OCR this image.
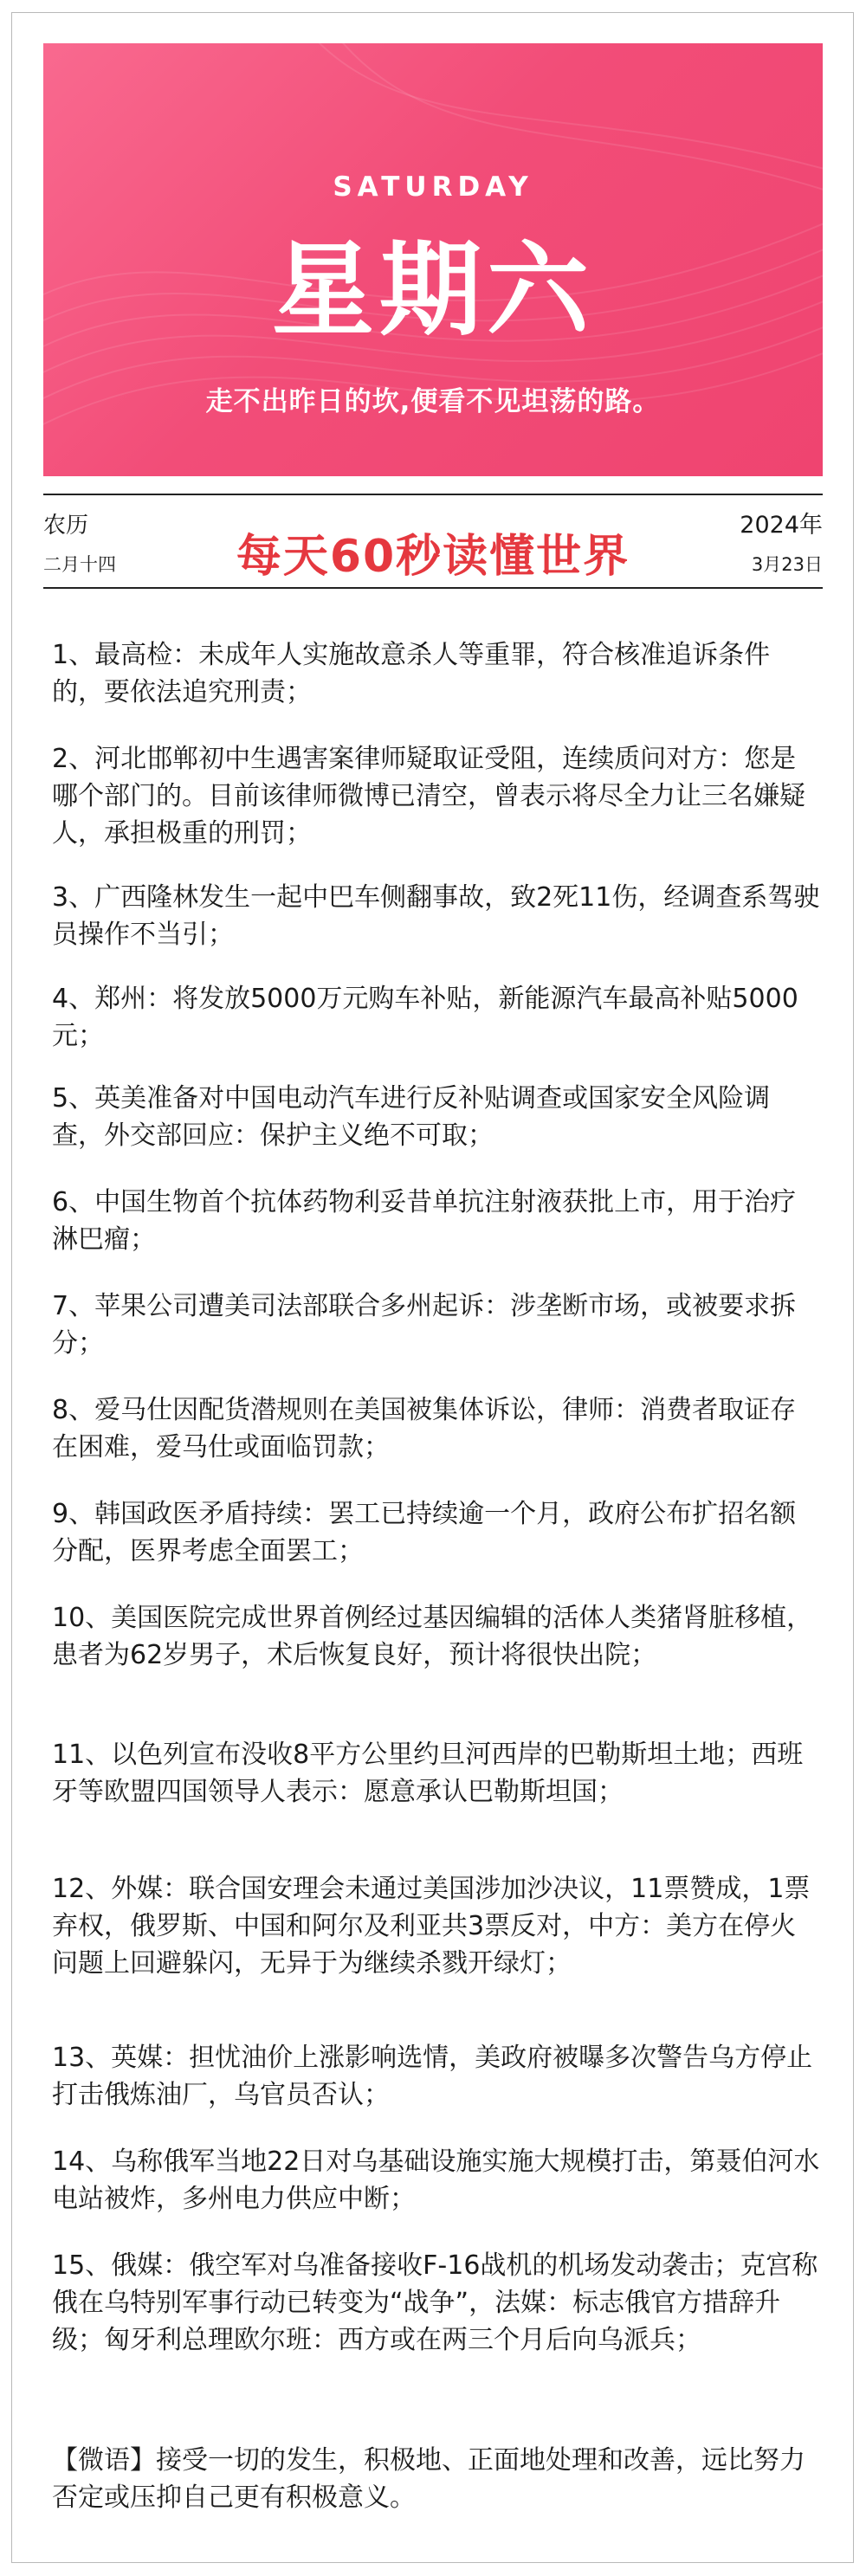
SATURDAY
星期六
走不出昨日的坎,便看不见坦荡的路。
农历
二月十四	每天60秒读懂世界
2024年
3月23日

1、最高检：未成年人实施故意杀人等重罪，符合核准追诉条件的，要依法追究刑责；

2、河北邯郸初中生遇害案律师疑取证受阻，连续质问对方：您是哪个部门的。目前该律师微博已清空，曾表示将尽全力让三名嫌疑人，承担极重的刑罚；

3、广西隆林发生一起中巴车侧翻事故，致2死11伤，经调查系驾驶员操作不当引；

4、郑州：将发放5000万元购车补贴，新能源汽车最高补贴5000元；

5、英美准备对中国电动汽车进行反补贴调查或国家安全风险调查，外交部回应：保护主义绝不可取；

6、中国生物首个抗体药物利妥昔单抗注射液获批上市，用于治疗淋巴瘤；

7、苹果公司遭美司法部联合多州起诉：涉垄断市场，或被要求拆分；

8、爱马仕因配货潜规则在美国被集体诉讼，律师：消费者取证存在困难，爱马仕或面临罚款；

9、韩国政医矛盾持续：罢工已持续逾一个月，政府公布扩招名额分配，医界考虑全面罢工；

10、美国医院完成世界首例经过基因编辑的活体人类猪肾脏移植，患者为62岁男子，术后恢复良好，预计将很快出院；

11、以色列宣布没收8平方公里约旦河西岸的巴勒斯坦土地；西班牙等欧盟四国领导人表示：愿意承认巴勒斯坦国；

12、外媒：联合国安理会未通过美国涉加沙决议，11票赞成，1票弃权，俄罗斯、中国和阿尔及利亚共3票反对，中方：美方在停火问题上回避躲闪，无异于为继续杀戮开绿灯；

13、英媒：担忧油价上涨影响选情，美政府被曝多次警告乌方停止打击俄炼油厂，乌官员否认；

14、乌称俄军当地22日对乌基础设施实施大规模打击，第聂伯河水电站被炸，多州电力供应中断；

15、俄媒：俄空军对乌准备接收F-16战机的机场发动袭击；克宫称俄在乌特别军事行动已转变为“战争”，法媒：标志俄官方措辞升级；匈牙利总理欧尔班：西方或在两三个月后向乌派兵；

【微语】接受一切的发生，积极地、正面地处理和改善，远比努力否定或压抑自己更有积极意义。
